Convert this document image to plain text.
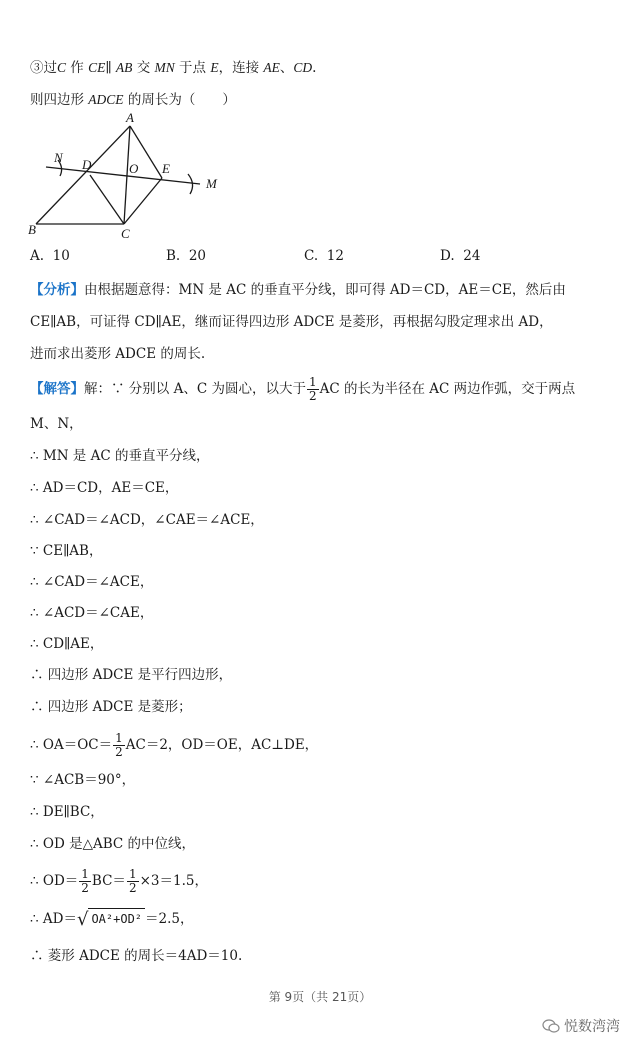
③过C 作 CE∥ AB 交 MN 于点 E，连接 AE、CD.
则四边形 ADCE 的周长为（　　）
A
B	C
D	E
O
M
N
A. 10	B. 20	C. 12	D. 24
【分析】由根据题意得：MN 是 AC 的垂直平分线，即可得 AD＝CD，AE＝CE，然后由
CE∥AB，可证得 CD∥AE，继而证得四边形 ADCE 是菱形，再根据勾股定理求出 AD，
进而求出菱形 ADCE 的周长.
【解答】解：∵ 分别以 A、C 为圆心，以大于 $\frac{1}{2}$ AC 的长为半径在 AC 两边作弧，交于两点
M、N，
∴ MN 是 AC 的垂直平分线，
∴ AD＝CD，AE＝CE，
∴ ∠CAD＝∠ACD，∠CAE＝∠ACE，
∵ CE∥AB，
∴ ∠CAD＝∠ACE，
∴ ∠ACD＝∠CAE，
∴ CD∥AE，
∴ 四边形 ADCE 是平行四边形，
∴ 四边形 ADCE 是菱形；
∴ $OA=OC= \frac{1}{2} AC=2$，OD＝OE，AC⊥DE，
∵ ∠ACB＝90°，
∴ DE∥BC，
∴ OD 是△ABC 的中位线，
∴ $OD= \frac{1}{2} BC= \frac{1}{2} \times 3=1.5$，
∴ AD＝√ OA²+OD² ＝2.5，
∴ 菱形 ADCE 的周长＝4AD＝10.
第 9页（共 21页）
悦数湾湾
